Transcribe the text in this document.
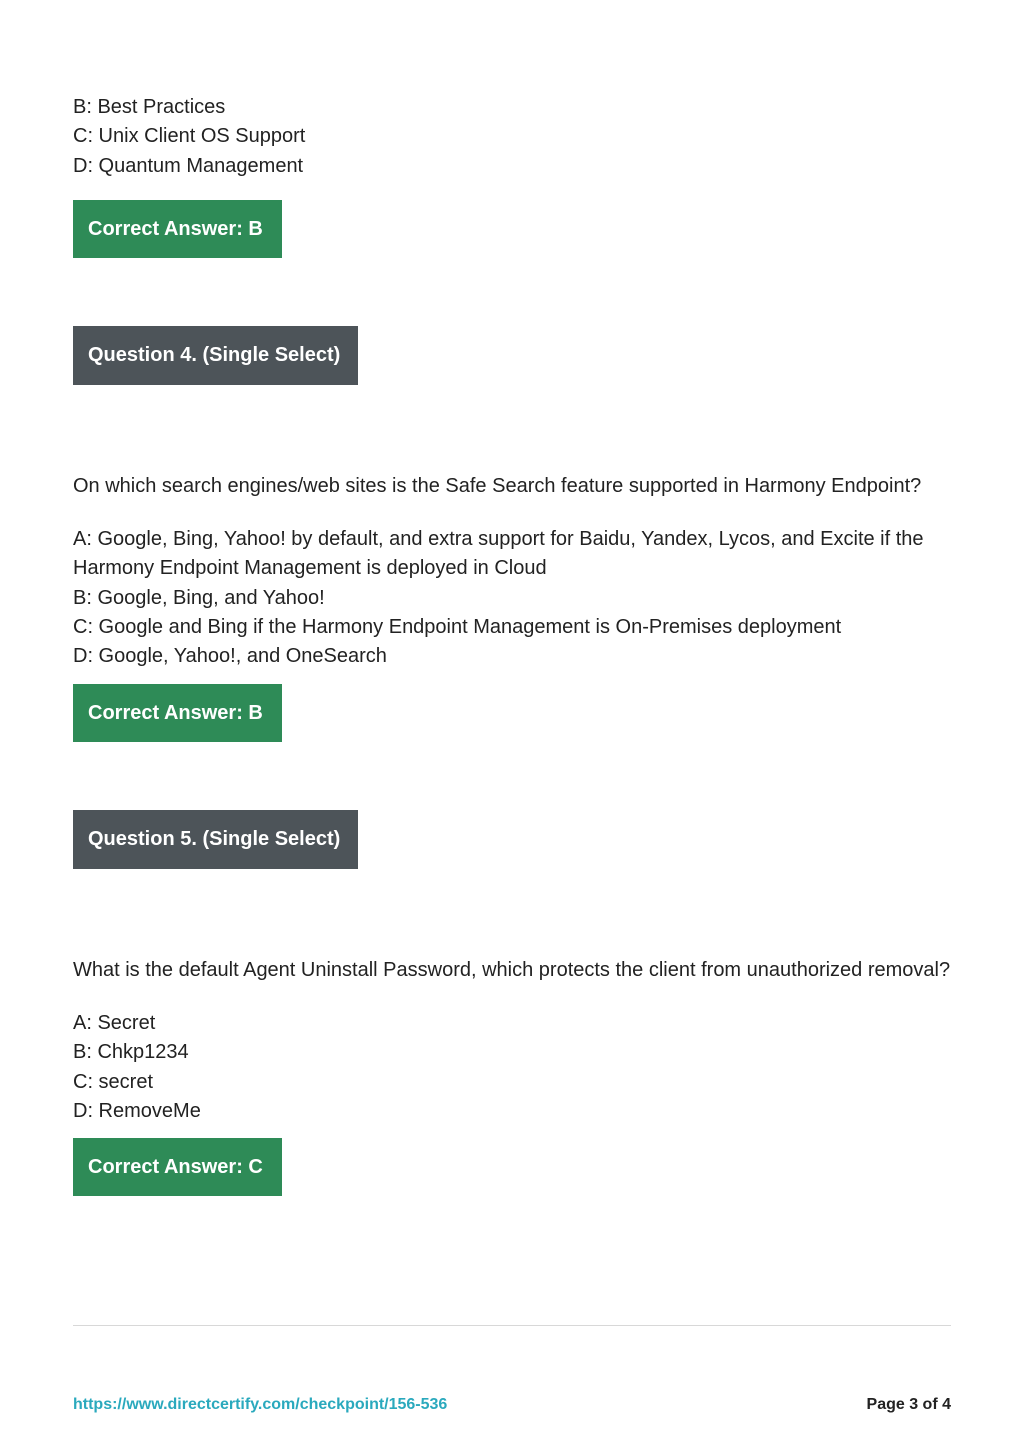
B: Best Practices

C: Unix Client OS Support

D: Quantum Management

Correct Answer: B
Question 4. (Single Select)

On which search engines/web sites is the Safe Search feature supported in Harmony Endpoint?

A: Google, Bing, Yahoo! by default, and extra support for Baidu, Yandex, Lycos, and Excite if the Harmony Endpoint Management is deployed in Cloud

B: Google, Bing, and Yahoo!

C: Google and Bing if the Harmony Endpoint Management is On-Premises deployment

D: Google, Yahoo!, and OneSearch

Correct Answer: B
Question 5. (Single Select)

What is the default Agent Uninstall Password, which protects the client from unauthorized removal?

A: Secret

B: Chkp1234

C: secret

D: RemoveMe

Correct Answer: C
https://www.directcertify.com/checkpoint/156-536	Page 3 of 4
